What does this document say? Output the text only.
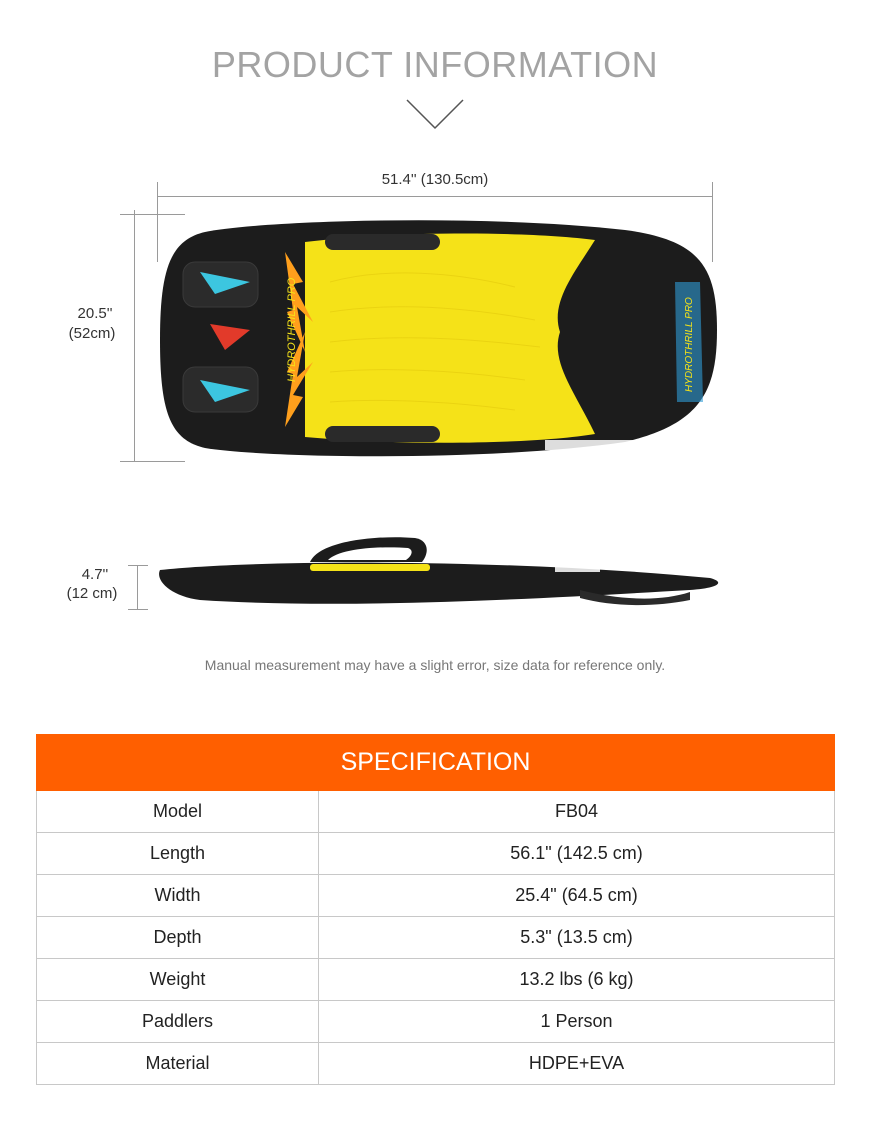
PRODUCT INFORMATION
51.4'' (130.5cm)
20.5''
(52cm)	HYDROTHRILL PRO	HYDROTHRILL PRO
4.7''
(12 cm)
Manual measurement may have a slight error, size data for reference only.
SPECIFICATION
Model	FB04
Length	56.1" (142.5 cm)
Width	25.4" (64.5 cm)
Depth	5.3" (13.5 cm)
Weight	13.2 lbs (6 kg)
Paddlers	1 Person
Material	HDPE+EVA
